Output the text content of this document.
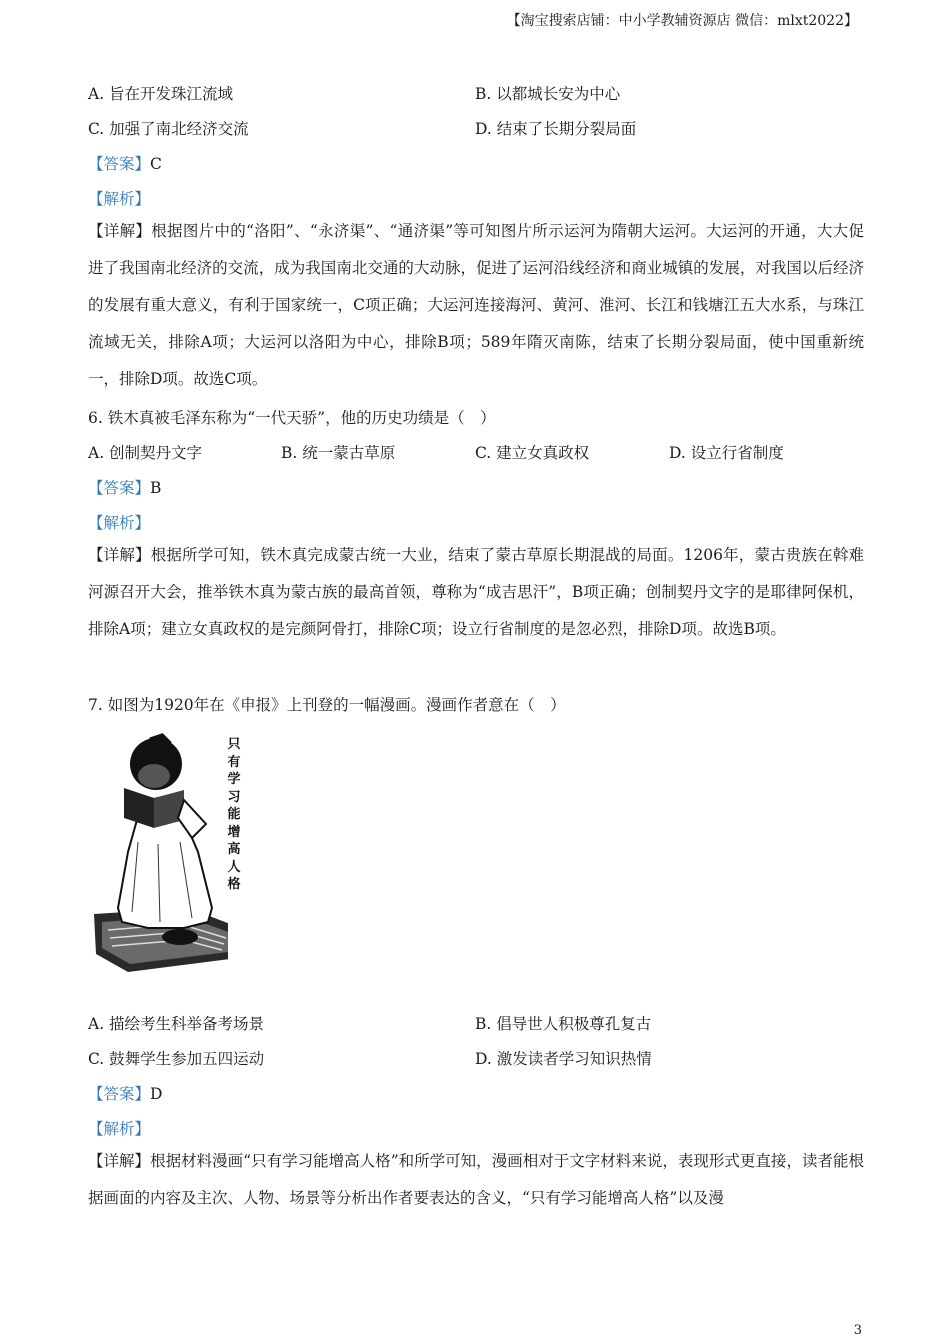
【淘宝搜索店铺：中小学教辅资源店 微信：mlxt2022】
A. 旨在开发珠江流域	B. 以都城长安为中心
C. 加强了南北经济交流	D. 结束了长期分裂局面
【答案】C
【解析】
【详解】根据图片中的“洛阳”、“永济渠”、“通济渠”等可知图片所示运河为隋朝大运河。大运河的开通，大大促进了我国南北经济的交流，成为我国南北交通的大动脉，促进了运河沿线经济和商业城镇的发展，对我国以后经济的发展有重大意义，有利于国家统一，C项正确；大运河连接海河、黄河、淮河、长江和钱塘江五大水系，与珠江流域无关，排除A项；大运河以洛阳为中心，排除B项；589年隋灭南陈，结束了长期分裂局面，使中国重新统一，排除D项。故选C项。
6. 铁木真被毛泽东称为“一代天骄”，他的历史功绩是（　）
A. 创制契丹文字	B. 统一蒙古草原	C. 建立女真政权	D. 设立行省制度
【答案】B
【解析】
【详解】根据所学可知，铁木真完成蒙古统一大业，结束了蒙古草原长期混战的局面。1206年，蒙古贵族在斡难河源召开大会，推举铁木真为蒙古族的最高首领，尊称为“成吉思汗”，B项正确；创制契丹文字的是耶律阿保机，排除A项；建立女真政权的是完颜阿骨打，排除C项；设立行省制度的是忽必烈，排除D项。故选B项。
7. 如图为1920年在《申报》上刊登的一幅漫画。漫画作者意在（　）
只
有
学
习
能
增
高
人
格
A. 描绘考生科举备考场景	B. 倡导世人积极尊孔复古
C. 鼓舞学生参加五四运动	D. 激发读者学习知识热情
【答案】D
【解析】
【详解】根据材料漫画“只有学习能增高人格”和所学可知，漫画相对于文字材料来说，表现形式更直接，读者能根据画面的内容及主次、人物、场景等分析出作者要表达的含义，“只有学习能增高人格”以及漫
3
